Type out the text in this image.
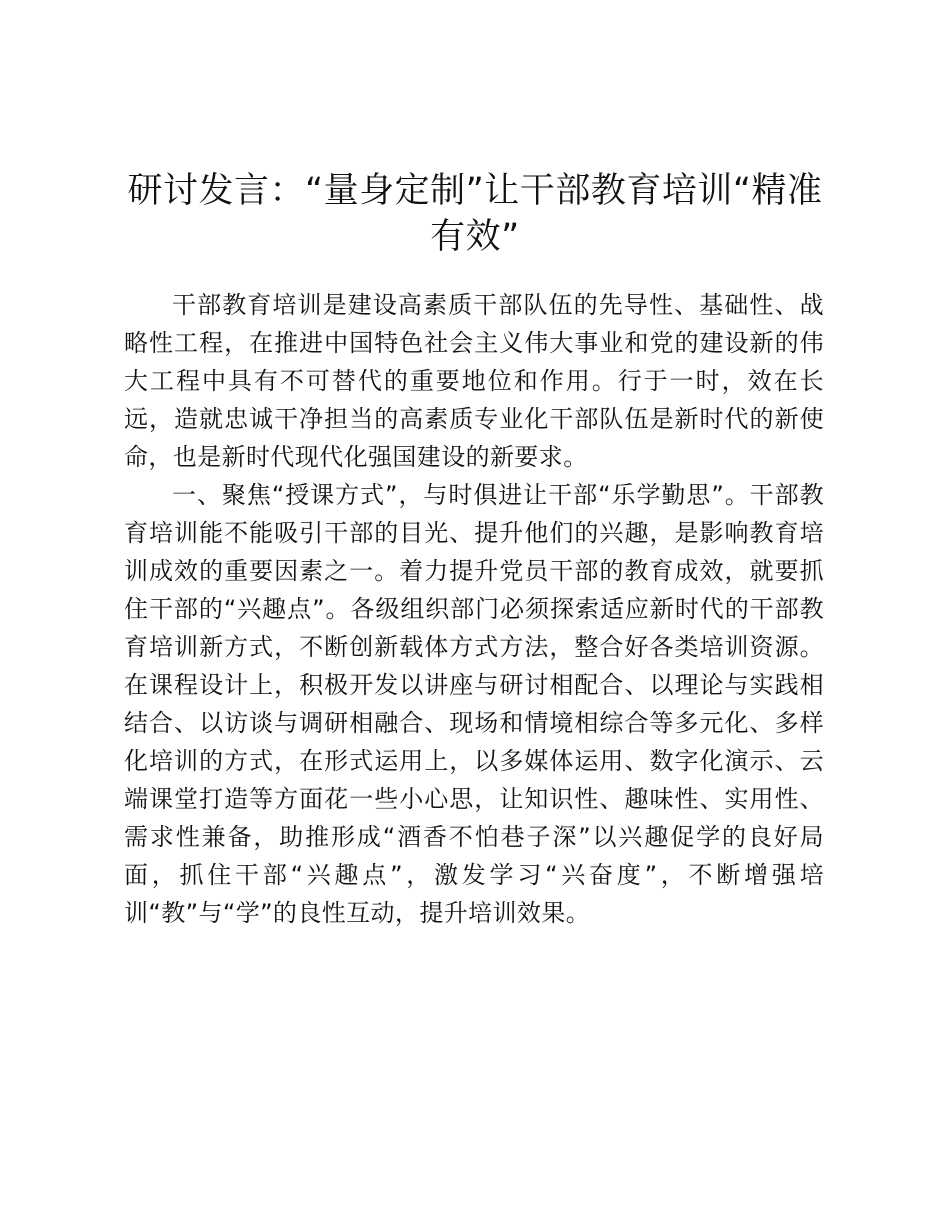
研讨发言：“量身定制”让干部教育培训“精准有效”

干部教育培训是建设高素质干部队伍的先导性、基础性、战略性工程，在推进中国特色社会主义伟大事业和党的建设新的伟大工程中具有不可替代的重要地位和作用。行于一时，效在长远，造就忠诚干净担当的高素质专业化干部队伍是新时代的新使命，也是新时代现代化强国建设的新要求。

一、聚焦“授课方式”，与时俱进让干部“乐学勤思”。干部教育培训能不能吸引干部的目光、提升他们的兴趣，是影响教育培训成效的重要因素之一。着力提升党员干部的教育成效，就要抓住干部的“兴趣点”。各级组织部门必须探索适应新时代的干部教育培训新方式，不断创新载体方式方法，整合好各类培训资源。在课程设计上，积极开发以讲座与研讨相配合、以理论与实践相结合、以访谈与调研相融合、现场和情境相综合等多元化、多样化培训的方式，在形式运用上，以多媒体运用、数字化演示、云端课堂打造等方面花一些小心思，让知识性、趣味性、实用性、需求性兼备，助推形成“酒香不怕巷子深”以兴趣促学的良好局面，抓住干部“兴趣点”，激发学习“兴奋度”，不断增强培训“教”与“学”的良性互动，提升培训效果。
